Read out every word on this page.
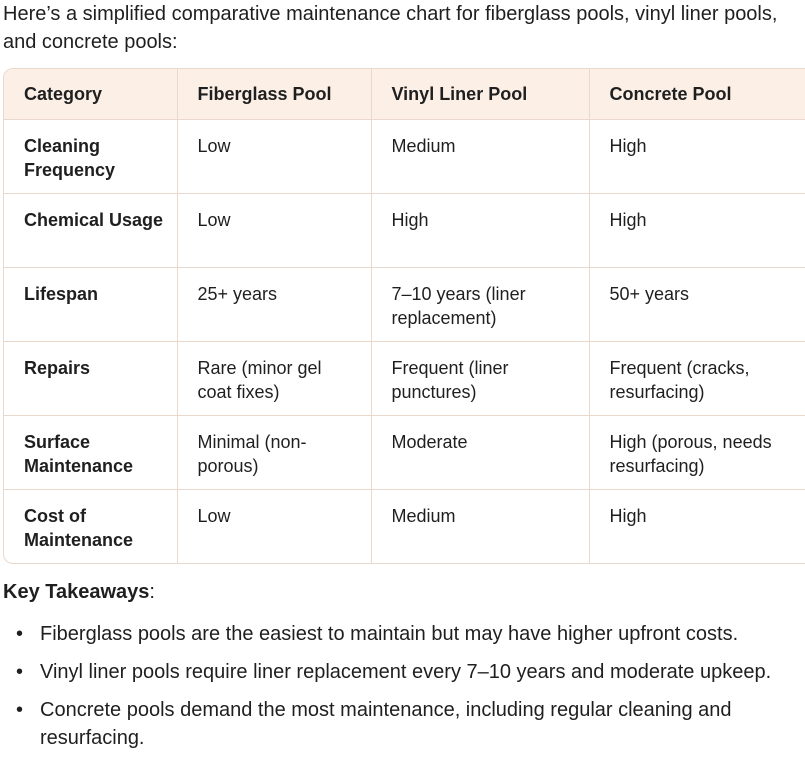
Here’s a simplified comparative maintenance chart for fiberglass pools, vinyl liner pools, and concrete pools:

Category	Fiberglass Pool	Vinyl Liner Pool	Concrete Pool
Cleaning Frequency	Low	Medium	High
Chemical Usage	Low	High	High
Lifespan	25+ years	7–10 years (liner replacement)	50+ years
Repairs	Rare (minor gel coat fixes)	Frequent (liner punctures)	Frequent (cracks, resurfacing)
Surface Maintenance	Minimal (non-porous)	Moderate	High (porous, needs resurfacing)
Cost of Maintenance	Low	Medium	High

Key Takeaways:

• Fiberglass pools are the easiest to maintain but may have higher upfront costs.
• Vinyl liner pools require liner replacement every 7–10 years and moderate upkeep.
• Concrete pools demand the most maintenance, including regular cleaning and resurfacing.
